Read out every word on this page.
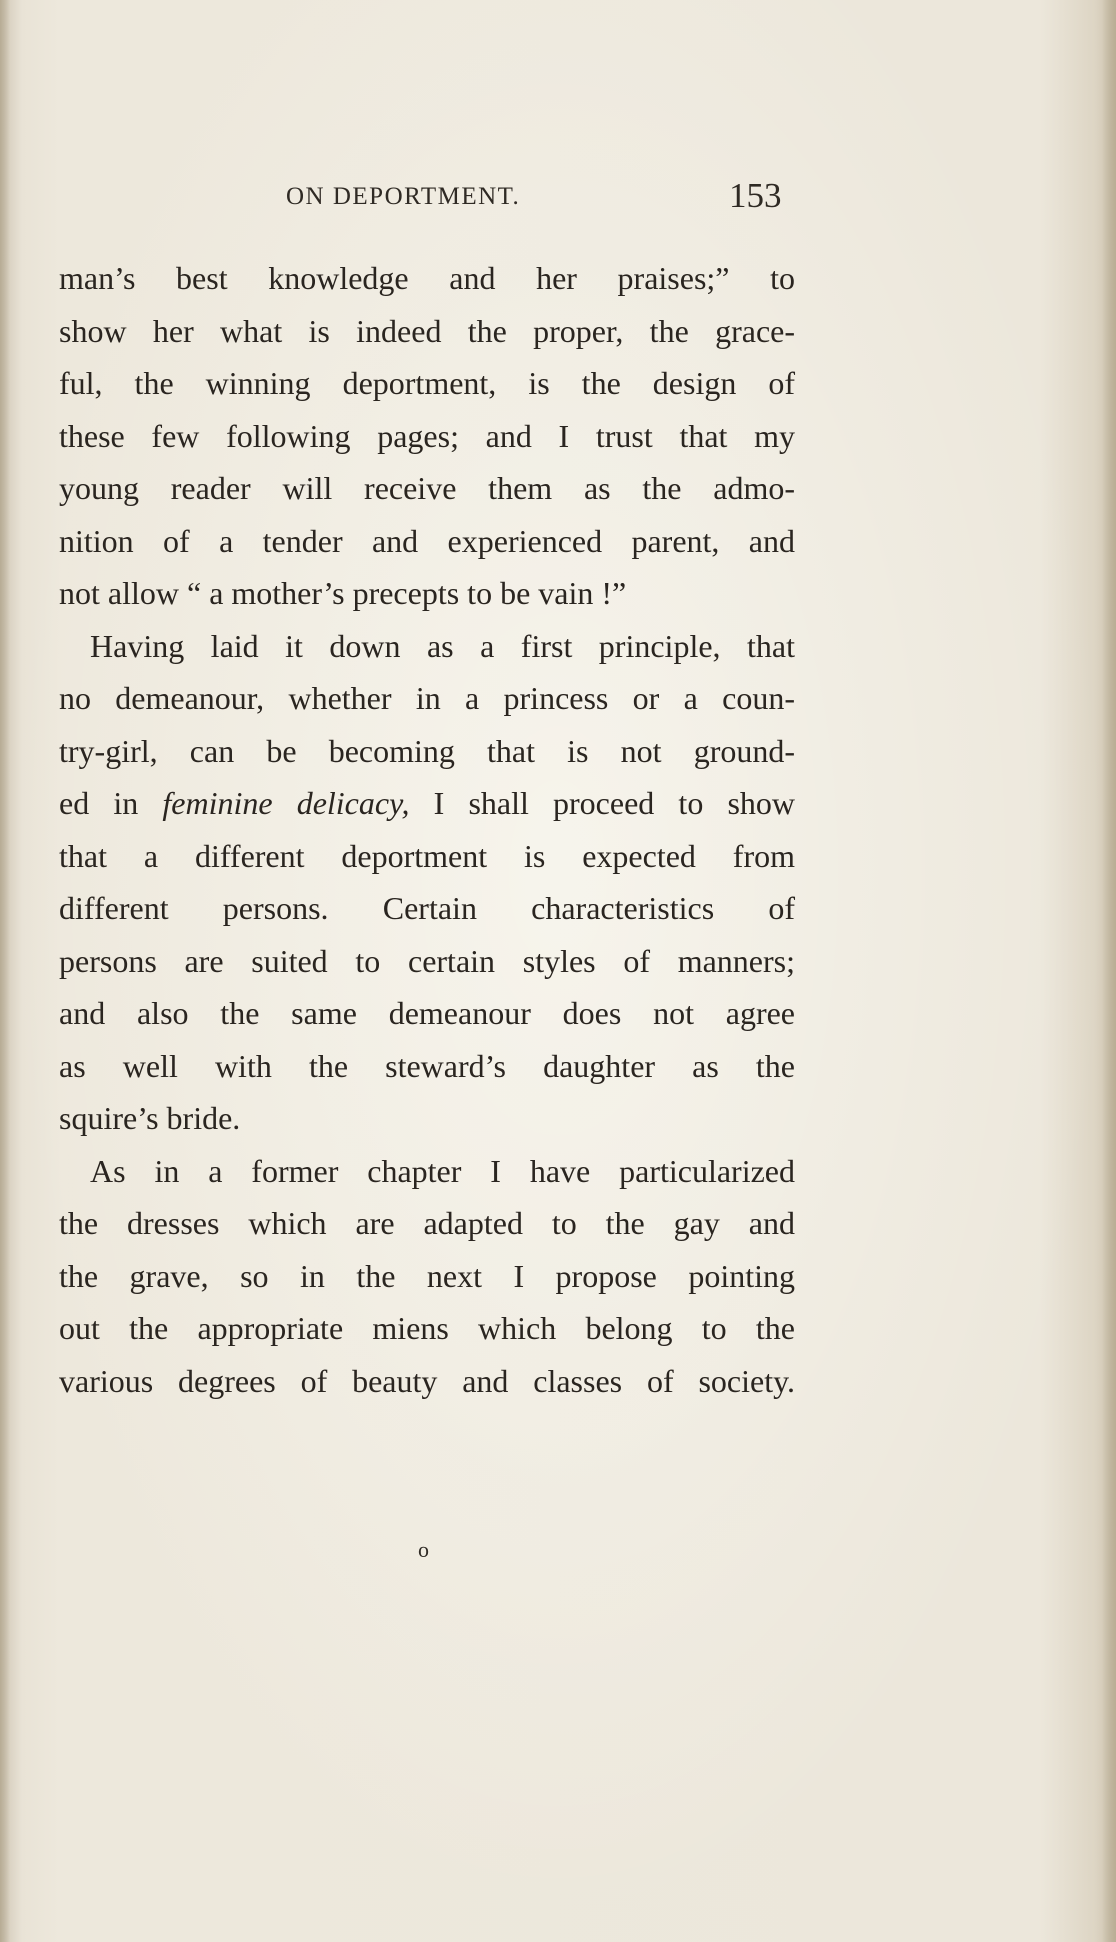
ON DEPORTMENT.	153
man’s best knowledge and her praises;” to
show her what is indeed the proper, the grace-
ful, the winning deportment, is the design of
these few following pages; and I trust that my
young reader will receive them as the admo-
nition of a tender and experienced parent, and
not allow “ a mother’s precepts to be vain !”
Having laid it down as a first principle, that
no demeanour, whether in a princess or a coun-
try-girl, can be becoming that is not ground-
ed in feminine delicacy, I shall proceed to show
that a different deportment is expected from
different persons. Certain characteristics of
persons are suited to certain styles of manners;
and also the same demeanour does not agree
as well with the steward’s daughter as the
squire’s bride.
As in a former chapter I have particularized
the dresses which are adapted to the gay and
the grave, so in the next I propose pointing
out the appropriate miens which belong to the
various degrees of beauty and classes of society.
o
